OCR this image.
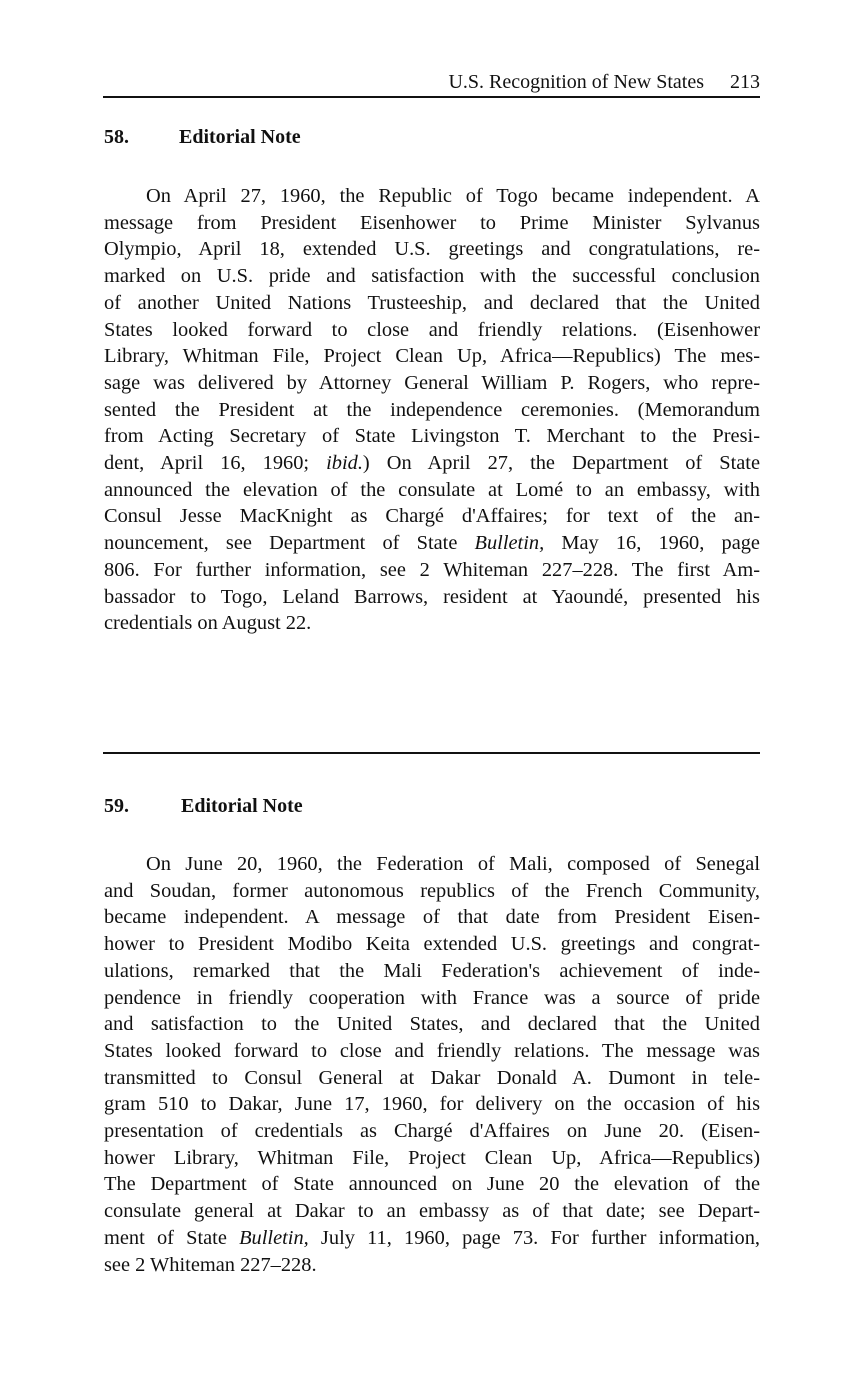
U.S. Recognition of New States 213
58.	Editorial Note

On April 27, 1960, the Republic of Togo became independent. A
message from President Eisenhower to Prime Minister Sylvanus
Olympio, April 18, extended U.S. greetings and congratulations, re-
marked on U.S. pride and satisfaction with the successful conclusion
of another United Nations Trusteeship, and declared that the United
States looked forward to close and friendly relations. (Eisenhower
Library, Whitman File, Project Clean Up, Africa—Republics) The mes-
sage was delivered by Attorney General William P. Rogers, who repre-
sented the President at the independence ceremonies. (Memorandum
from Acting Secretary of State Livingston T. Merchant to the Presi-
dent, April 16, 1960; ibid.) On April 27, the Department of State
announced the elevation of the consulate at Lomé to an embassy, with
Consul Jesse MacKnight as Chargé d'Affaires; for text of the an-
nouncement, see Department of State Bulletin, May 16, 1960, page
806. For further information, see 2 Whiteman 227–228. The first Am-
bassador to Togo, Leland Barrows, resident at Yaoundé, presented his
credentials on August 22.

59.	Editorial Note

On June 20, 1960, the Federation of Mali, composed of Senegal
and Soudan, former autonomous republics of the French Community,
became independent. A message of that date from President Eisen-
hower to President Modibo Keita extended U.S. greetings and congrat-
ulations, remarked that the Mali Federation's achievement of inde-
pendence in friendly cooperation with France was a source of pride
and satisfaction to the United States, and declared that the United
States looked forward to close and friendly relations. The message was
transmitted to Consul General at Dakar Donald A. Dumont in tele-
gram 510 to Dakar, June 17, 1960, for delivery on the occasion of his
presentation of credentials as Chargé d'Affaires on June 20. (Eisen-
hower Library, Whitman File, Project Clean Up, Africa—Republics)
The Department of State announced on June 20 the elevation of the
consulate general at Dakar to an embassy as of that date; see Depart-
ment of State Bulletin, July 11, 1960, page 73. For further information,
see 2 Whiteman 227–228.
